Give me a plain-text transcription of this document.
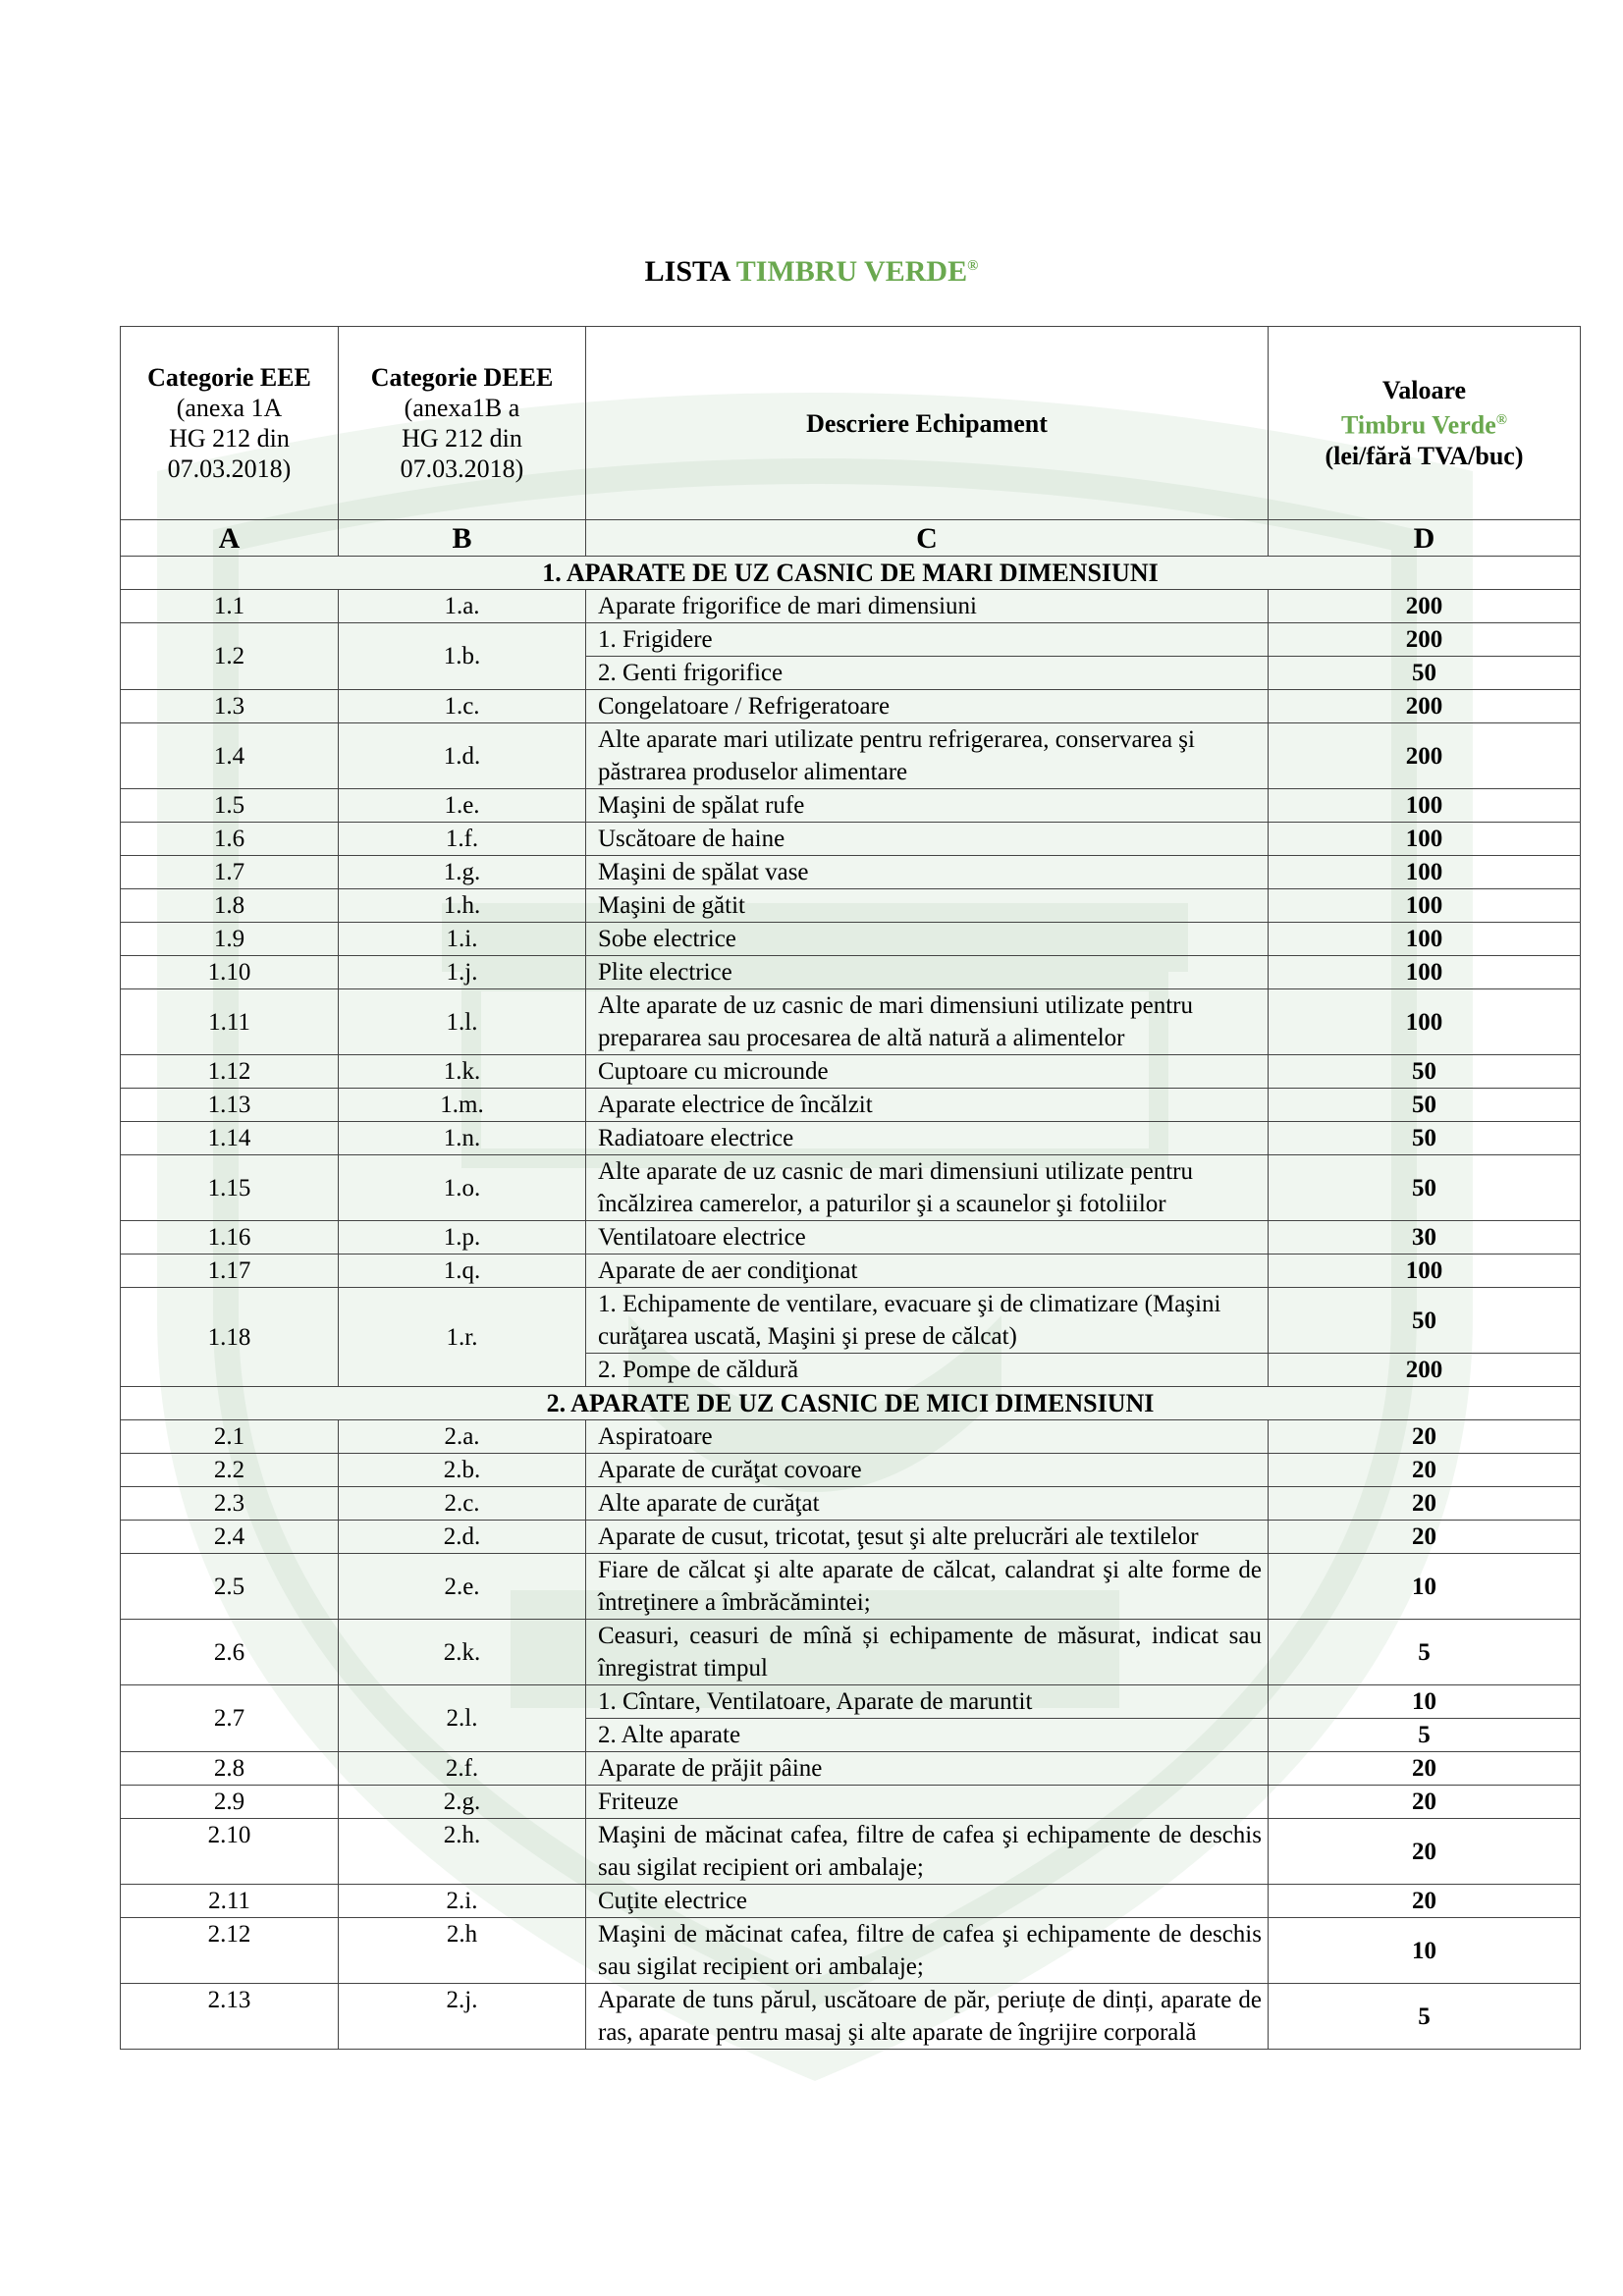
LISTA TIMBRU VERDE®
Categorie EEE
(anexa 1A
HG 212 din
07.03.2018)	Categorie DEEE
(anexa1B a
HG 212 din
07.03.2018)	Descriere Echipament	Valoare
Timbru Verde®
(lei/fără TVA/buc)
A	B	C	D
1. APARATE DE UZ CASNIC DE MARI DIMENSIUNI			
1.1	1.a.	Aparate frigorifice de mari dimensiuni	200
1.2	1.b.	1. Frigidere	200
		2. Genti frigorifice	50
1.3	1.c.	Congelatoare / Refrigeratoare	200
1.4	1.d.	Alte aparate mari utilizate pentru refrigerarea, conservarea şi păstrarea produselor alimentare	200
1.5	1.e.	Maşini de spălat rufe	100
1.6	1.f.	Uscătoare de haine	100
1.7	1.g.	Maşini de spălat vase	100
1.8	1.h.	Maşini de gătit	100
1.9	1.i.	Sobe electrice	100
1.10	1.j.	Plite electrice	100
1.11	1.l.	Alte aparate de uz casnic de mari dimensiuni utilizate pentru prepararea sau procesarea de altă natură a alimentelor	100
1.12	1.k.	Cuptoare cu microunde	50
1.13	1.m.	Aparate electrice de încălzit	50
1.14	1.n.	Radiatoare electrice	50
1.15	1.o.	Alte aparate de uz casnic de mari dimensiuni utilizate pentru încălzirea camerelor, a paturilor şi a scaunelor şi fotoliilor	50
1.16	1.p.	Ventilatoare electrice	30
1.17	1.q.	Aparate de aer condiţionat	100
1.18	1.r.	1. Echipamente de ventilare, evacuare şi de climatizare (Maşini curăţarea uscată, Maşini şi prese de călcat)	50
		2. Pompe de căldură	200
2. APARATE DE UZ CASNIC DE MICI DIMENSIUNI			
2.1	2.a.	Aspiratoare	20
2.2	2.b.	Aparate de curăţat covoare	20
2.3	2.c.	Alte aparate de curăţat	20
2.4	2.d.	Aparate de cusut, tricotat, ţesut şi alte prelucrări ale textilelor	20
2.5	2.e.	Fiare de călcat şi alte aparate de călcat, calandrat şi alte forme de întreţinere a îmbrăcămintei;	10
2.6	2.k.	Ceasuri, ceasuri de mînă și echipamente de măsurat, indicat sau înregistrat timpul	5
2.7	2.l.	1. Cîntare, Ventilatoare, Aparate de maruntit	10
		2. Alte aparate	5
2.8	2.f.	Aparate de prăjit pâine	20
2.9	2.g.	Friteuze	20
2.10	2.h.	Maşini de măcinat cafea, filtre de cafea şi echipamente de deschis sau sigilat recipient ori ambalaje;	20
2.11	2.i.	Cuţite electrice	20
2.12	2.h	Maşini de măcinat cafea, filtre de cafea şi echipamente de deschis sau sigilat recipient ori ambalaje;	10
2.13	2.j.	Aparate de tuns părul, uscătoare de păr, periuțe de dinți, aparate de ras, aparate pentru masaj şi alte aparate de îngrijire corporală	5
